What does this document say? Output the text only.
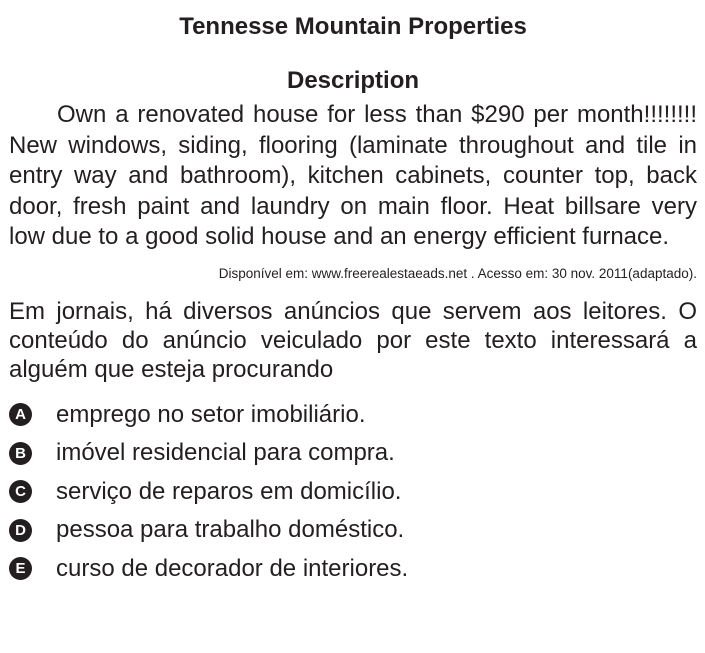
Tennesse Mountain Properties

Description

Own a renovated house for less than $290 per month!!!!!!!! New windows, siding, flooring (laminate throughout and tile in entry way and bathroom), kitchen cabinets, counter top, back door, fresh paint and laundry on main floor. Heat billsare very low due to a good solid house and an energy efficient furnace.

Disponível em: www.freerealestaeads.net . Acesso em: 30 nov. 2011(adaptado).

Em jornais, há diversos anúncios que servem aos leitores. O conteúdo do anúncio veiculado por este texto interessará a alguém que esteja procurando

A emprego no setor imobiliário.
B imóvel residencial para compra.
C serviço de reparos em domicílio.
D pessoa para trabalho doméstico.
E curso de decorador de interiores.
